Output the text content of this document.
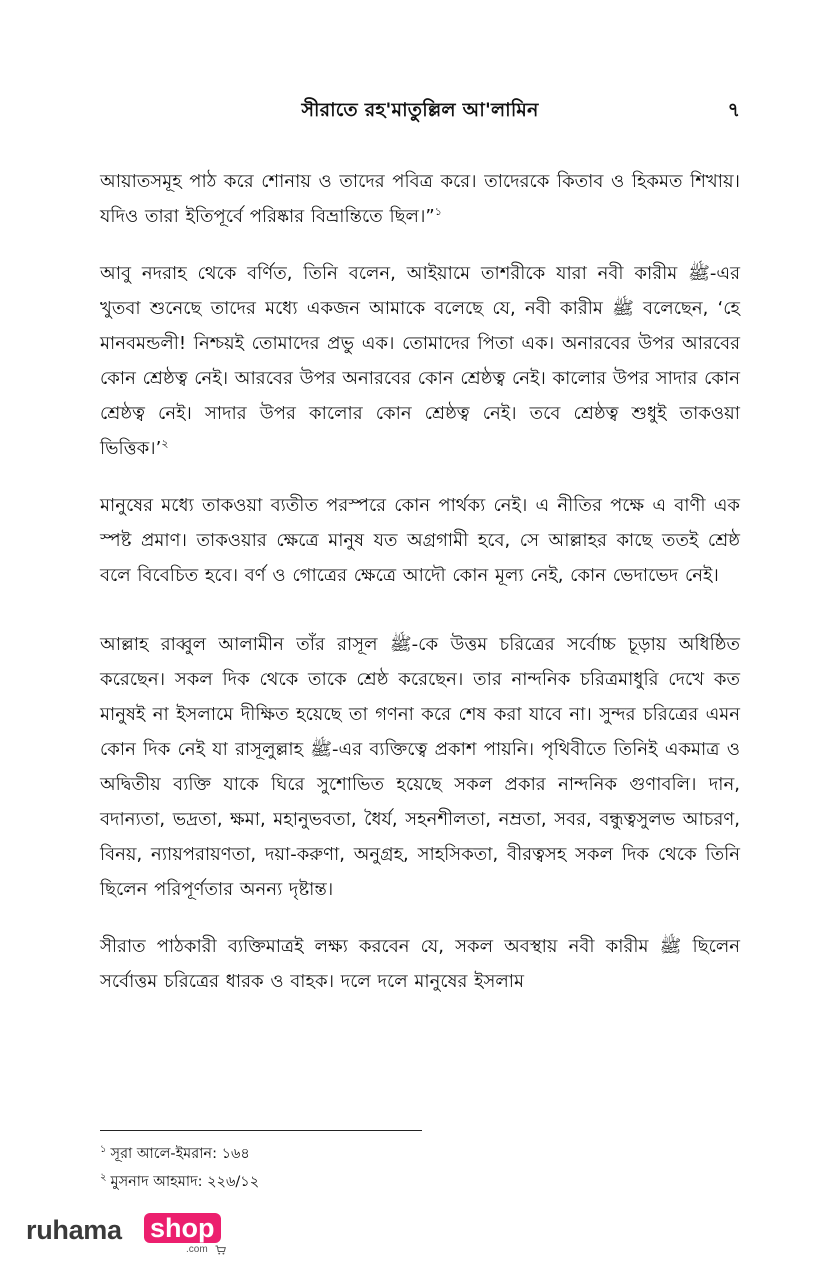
সীরাতে রহ'মাতুল্লিল আ'লামিন	৭

আয়াতসমূহ পাঠ করে শোনায় ও তাদের পবিত্র করে। তাদেরকে কিতাব ও হিকমত শিখায়। যদিও তারা ইতিপূর্বে পরিষ্কার বিভ্রান্তিতে ছিল।”$^১$

আবু নদরাহ থেকে বর্ণিত, তিনি বলেন, আইয়ামে তাশরীকে যারা নবী কারীম ﷺ-এর খুতবা শুনেছে তাদের মধ্যে একজন আমাকে বলেছে যে, নবী কারীম ﷺ বলেছেন, ‘হে মানবমন্ডলী! নিশ্চয়ই তোমাদের প্রভু এক। তোমাদের পিতা এক। অনারবের উপর আরবের কোন শ্রেষ্ঠত্ব নেই। আরবের উপর অনারবের কোন শ্রেষ্ঠত্ব নেই। কালোর উপর সাদার কোন শ্রেষ্ঠত্ব নেই। সাদার উপর কালোর কোন শ্রেষ্ঠত্ব নেই। তবে শ্রেষ্ঠত্ব শুধুই তাকওয়া ভিত্তিক।’$^২$

মানুষের মধ্যে তাকওয়া ব্যতীত পরস্পরে কোন পার্থক্য নেই। এ নীতির পক্ষে এ বাণী এক স্পষ্ট প্রমাণ। তাকওয়ার ক্ষেত্রে মানুষ যত অগ্রগামী হবে, সে আল্লাহর কাছে ততই শ্রেষ্ঠ বলে বিবেচিত হবে। বর্ণ ও গোত্রের ক্ষেত্রে আদৌ কোন মূল্য নেই, কোন ভেদাভেদ নেই।

আল্লাহ রাব্বুল আলামীন তাঁর রাসূল ﷺ-কে উত্তম চরিত্রের সর্বোচ্চ চূড়ায় অধিষ্ঠিত করেছেন। সকল দিক থেকে তাকে শ্রেষ্ঠ করেছেন। তার নান্দনিক চরিত্রমাধুরি দেখে কত মানুষই না ইসলামে দীক্ষিত হয়েছে তা গণনা করে শেষ করা যাবে না। সুন্দর চরিত্রের এমন কোন দিক নেই যা রাসূলুল্লাহ ﷺ-এর ব্যক্তিত্বে প্রকাশ পায়নি। পৃথিবীতে তিনিই একমাত্র ও অদ্বিতীয় ব্যক্তি যাকে ঘিরে সুশোভিত হয়েছে সকল প্রকার নান্দনিক গুণাবলি। দান, বদান্যতা, ভদ্রতা, ক্ষমা, মহানুভবতা, ধৈর্য, সহনশীলতা, নম্রতা, সবর, বন্ধুত্বসুলভ আচরণ, বিনয়, ন্যায়পরায়ণতা, দয়া-করুণা, অনুগ্রহ, সাহসিকতা, বীরত্বসহ সকল দিক থেকে তিনি ছিলেন পরিপূর্ণতার অনন্য দৃষ্টান্ত।

সীরাত পাঠকারী ব্যক্তিমাত্রই লক্ষ্য করবেন যে, সকল অবস্থায় নবী কারীম ﷺ ছিলেন সর্বোত্তম চরিত্রের ধারক ও বাহক। দলে দলে মানুষের ইসলাম

$^১$ সূরা আলে-ইমরান: ১৬৪
$^২$ মুসনাদ আহমাদ: ২২৬/১২
ruhama shop
.com
